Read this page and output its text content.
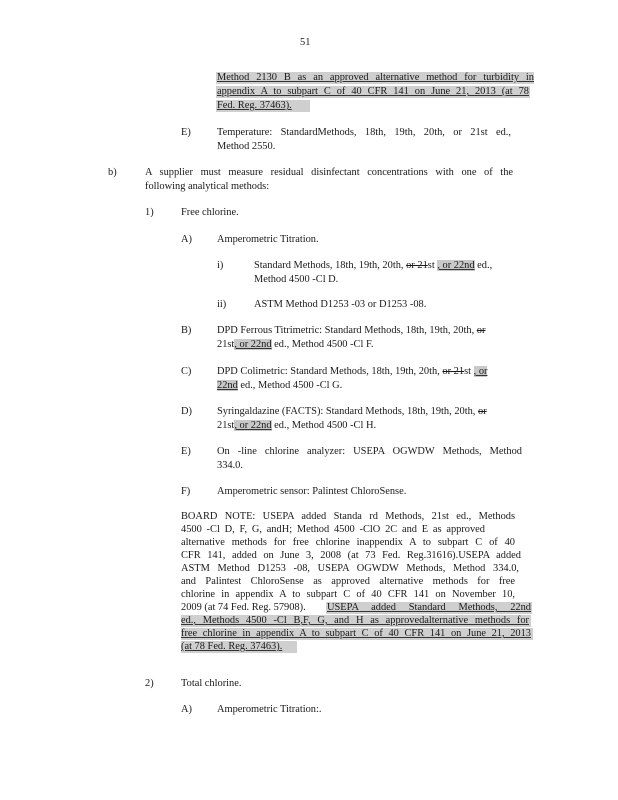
51
Method 2130 B as an approved alternative method for turbidity in
appendix A to subpart C of 40 CFR 141 on June 21, 2013 (at 78
Fed. Reg. 37463).
E)	Temperature: StandardMethods, 18th, 19th, 20th, or 21st ed.,
Method 2550.
b)	A supplier must measure residual disinfectant concentrations with one of the
following analytical methods:
1)	Free chlorine.
A) Amperometric Titration.
i)	Standard Methods, 18th, 19th, 20th, or 21st , or 22nd ed.,
Method 4500 -Cl D.
ii)	ASTM Method D1253 -03 or D1253 -08.
B) DPD Ferrous Titrimetric: Standard Methods, 18th, 19th, 20th, or
21st, or 22nd ed., Method 4500 -Cl F.
C) DPD Colimetric: Standard Methods, 18th, 19th, 20th, or 21st , or
22nd ed., Method 4500 -Cl G.
D) Syringaldazine (FACTS): Standard Methods, 18th, 19th, 20th, or
21st, or 22nd ed., Method 4500 -Cl H.
E)	On -line chlorine analyzer: USEPA OGWDW Methods, Method
334.0.
F)	Amperometric sensor: Palintest ChloroSense.
BOARD NOTE: USEPA added Standa rd Methods, 21st ed., Methods
4500 -Cl D, F, G, andH; Method 4500 -ClO 2C and E as approved
alternative methods for free chlorine inappendix A to subpart C of 40
CFR 141, added on June 3, 2008 (at 73 Fed. Reg.31616).USEPA added
ASTM Method D1253 -08, USEPA OGWDW Methods, Method 334.0,
and Palintest ChloroSense as approved alternative methods for free
chlorine in appendix A to subpart C of 40 CFR 141 on November 10,
2009 (at 74 Fed. Reg. 57908). USEPA added Standard Methods, 22nd
ed., Methods 4500 -Cl B,F, G, and H as approvedalternative methods for
free chlorine in appendix A to subpart C of 40 CFR 141 on June 21, 2013
(at 78 Fed. Reg. 37463).
2)	Total chlorine.
A) Amperometric Titration:.
